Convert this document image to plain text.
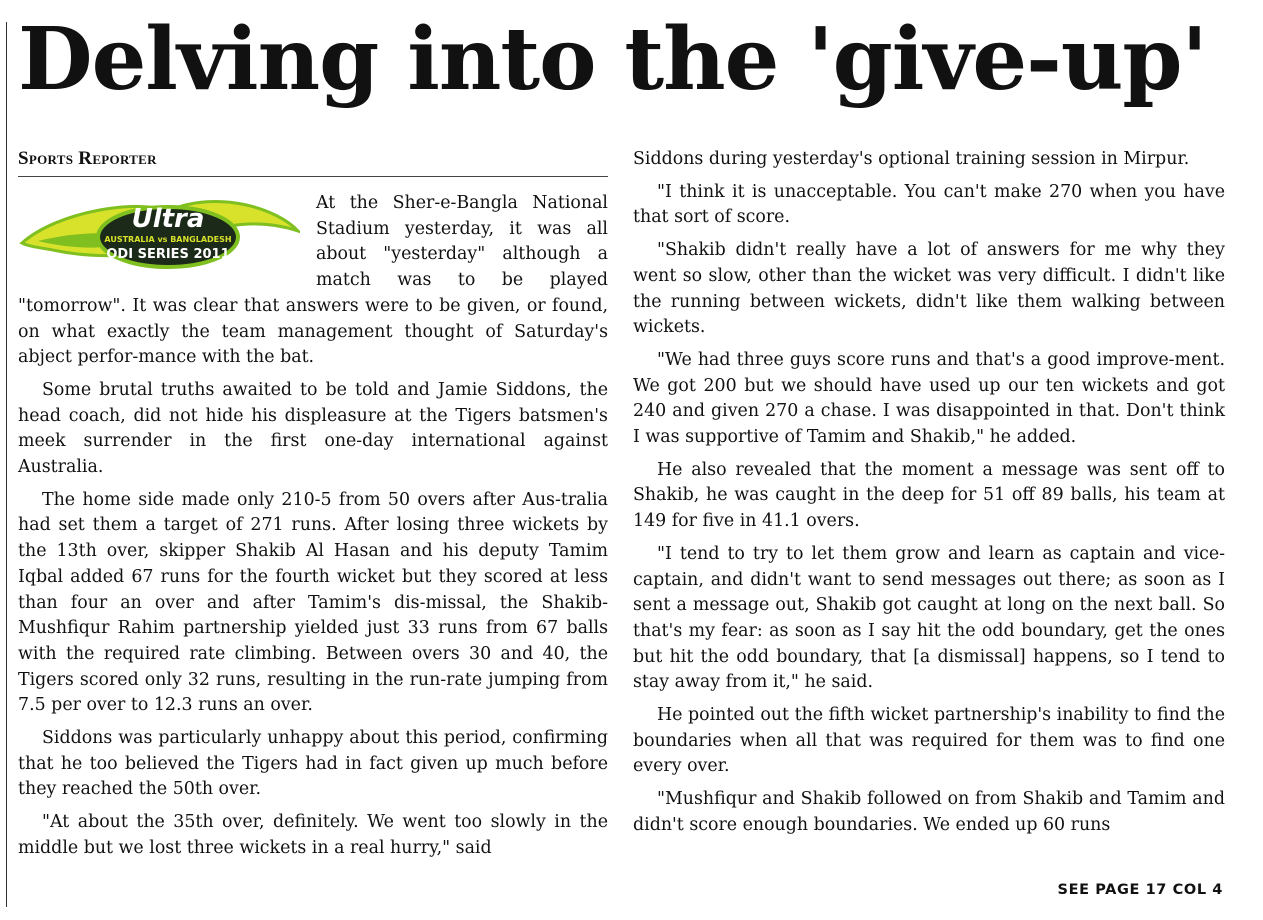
Delving into the 'give-up'
Sports Reporter
Ultra
AUSTRALIA vs BANGLADESH
ODI SERIES 2011

At the Sher-e-Bangla National Stadium yesterday, it was all about "yesterday" although a match was to be played "tomorrow". It was clear that answers were to be given, or found, on what exactly the team management thought of Saturday's abject perfor-mance with the bat.

Some brutal truths awaited to be told and Jamie Siddons, the head coach, did not hide his displeasure at the Tigers batsmen's meek surrender in the first one-day international against Australia.

The home side made only 210-5 from 50 overs after Aus-tralia had set them a target of 271 runs. After losing three wickets by the 13th over, skipper Shakib Al Hasan and his deputy Tamim Iqbal added 67 runs for the fourth wicket but they scored at less than four an over and after Tamim's dis-missal, the Shakib-Mushfiqur Rahim partnership yielded just 33 runs from 67 balls with the required rate climbing. Between overs 30 and 40, the Tigers scored only 32 runs, resulting in the run-rate jumping from 7.5 per over to 12.3 runs an over.

Siddons was particularly unhappy about this period, confirming that he too believed the Tigers had in fact given up much before they reached the 50th over.

"At about the 35th over, definitely. We went too slowly in the middle but we lost three wickets in a real hurry," said

Siddons during yesterday's optional training session in Mirpur.

"I think it is unacceptable. You can't make 270 when you have that sort of score.

"Shakib didn't really have a lot of answers for me why they went so slow, other than the wicket was very difficult. I didn't like the running between wickets, didn't like them walking between wickets.

"We had three guys score runs and that's a good improve-ment. We got 200 but we should have used up our ten wickets and got 240 and given 270 a chase. I was disappointed in that. Don't think I was supportive of Tamim and Shakib," he added.

He also revealed that the moment a message was sent off to Shakib, he was caught in the deep for 51 off 89 balls, his team at 149 for five in 41.1 overs.

"I tend to try to let them grow and learn as captain and vice-captain, and didn't want to send messages out there; as soon as I sent a message out, Shakib got caught at long on the next ball. So that's my fear: as soon as I say hit the odd boundary, get the ones but hit the odd boundary, that [a dismissal] happens, so I tend to stay away from it," he said.

He pointed out the fifth wicket partnership's inability to find the boundaries when all that was required for them was to find one every over.

"Mushfiqur and Shakib followed on from Shakib and Tamim and didn't score enough boundaries. We ended up 60 runs

SEE PAGE 17 COL 4
